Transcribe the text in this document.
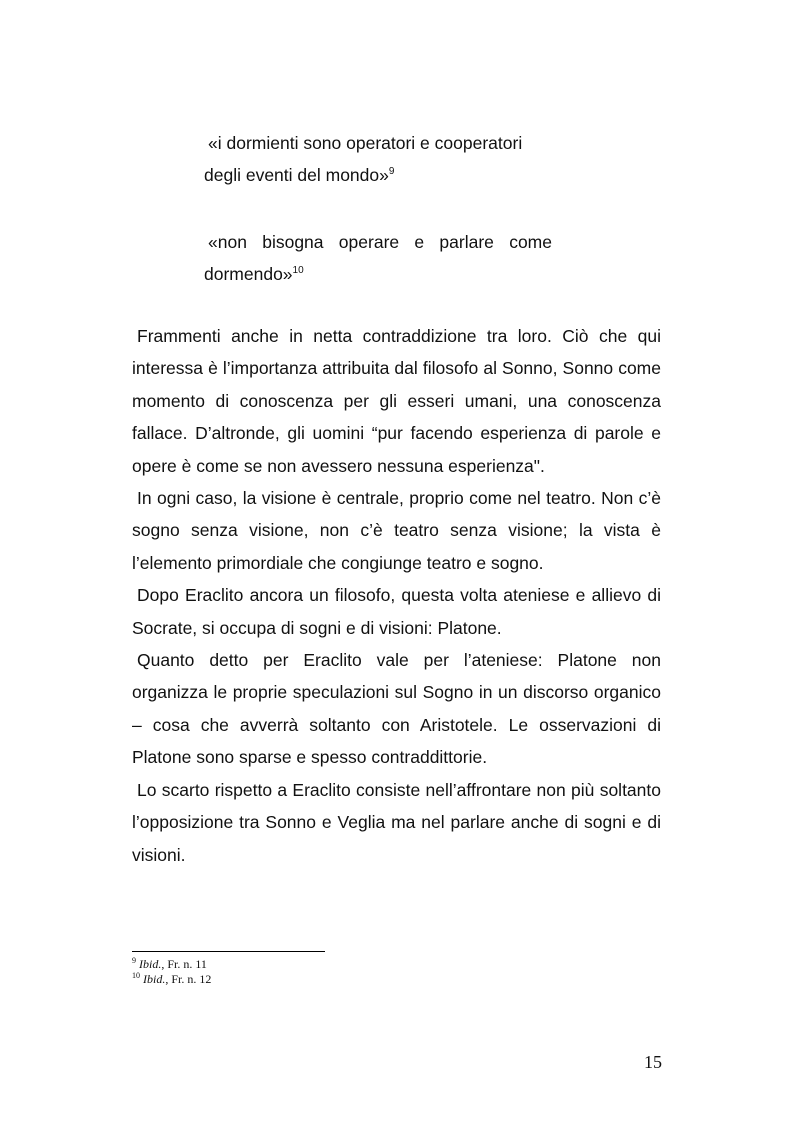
«i dormienti sono operatori e cooperatori
degli eventi del mondo»$^9$
«non bisogna operare e parlare come
dormendo»$^{10}$

Frammenti anche in netta contraddizione tra loro. Ciò che qui interessa è l’importanza attribuita dal filosofo al Sonno, Sonno come momento di conoscenza per gli esseri umani, una conoscenza fallace. D’altronde, gli uomini “pur facendo esperienza di parole e opere è come se non avessero nessuna esperienza".

In ogni caso, la visione è centrale, proprio come nel teatro. Non c’è sogno senza visione, non c’è teatro senza visione; la vista è l’elemento primordiale che congiunge teatro e sogno.

Dopo Eraclito ancora un filosofo, questa volta ateniese e allievo di Socrate, si occupa di sogni e di visioni: Platone.

Quanto detto per Eraclito vale per l’ateniese: Platone non organizza le proprie speculazioni sul Sogno in un discorso organico – cosa che avverrà soltanto con Aristotele. Le osservazioni di Platone sono sparse e spesso contraddittorie.

Lo scarto rispetto a Eraclito consiste nell’affrontare non più soltanto l’opposizione tra Sonno e Veglia ma nel parlare anche di sogni e di visioni.

$^9$ Ibid., Fr. n. 11
$^{10}$ Ibid., Fr. n. 12
15
